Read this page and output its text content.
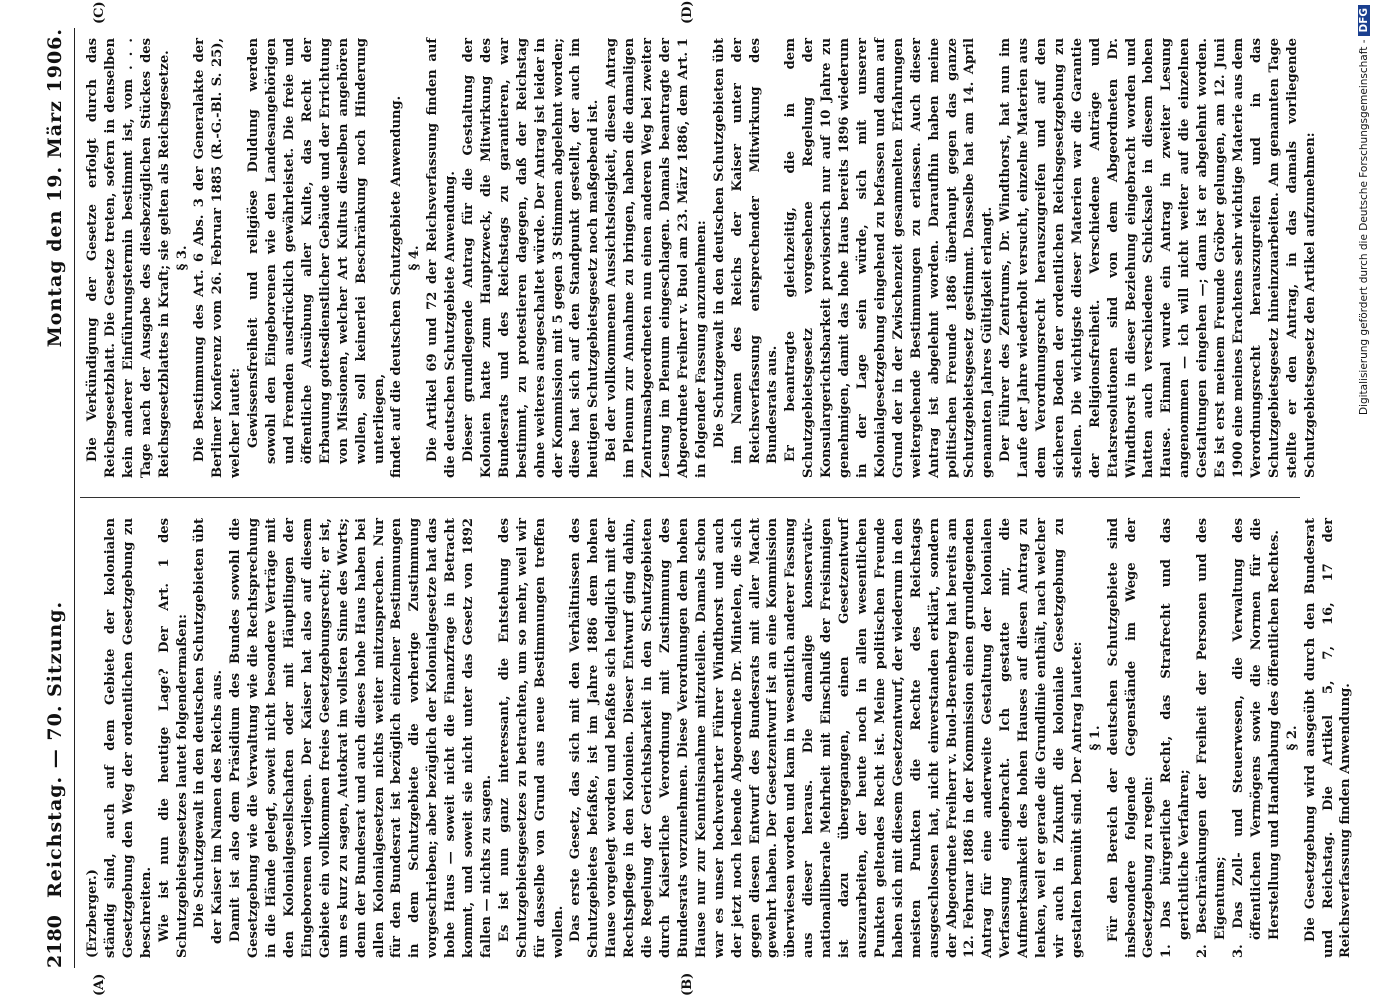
2180
Reichstag. — 70. Sitzung.
Montag den 19. März 1906.

(Erzberger.) ständig sind, auch auf dem Gebiete der kolonialen Gesetzgebung den Weg der ordentlichen Gesetzgebung zu beschreiten. Wie ist nun die heutige Lage? Der Art. 1 des Schutzgebietsgesetzes lautet folgendermaßen: Die Schutzgewalt in den deutschen Schutzgebieten übt der Kaiser im Namen des Reichs aus. Damit ist also dem Präsidium des Bundes sowohl die Gesetzgebung wie die Verwaltung wie die Rechtsprechung in die Hände gelegt, soweit nicht besondere Verträge mit den Kolonialgesellschaften oder mit Häuptlingen der Eingeborenen vorliegen. Der Kaiser hat also auf diesem Gebiete ein vollkommen freies Gesetzgebungsrecht; er ist, um es kurz zu sagen, Autokrat im vollsten Sinne des Worts; denn der Bundesrat und auch dieses hohe Haus haben bei allen Kolonialgesetzen nichts weiter mitzusprechen. Nur für den Bundesrat ist bezüglich einzelner Bestimmungen in dem Schutzgebiete die vorherige Zustimmung vorgeschrieben; aber bezüglich der Kolonialgesetze hat das hohe Haus — soweit nicht die Finanzfrage in Betracht kommt, und soweit sie nicht unter das Gesetz von 1892 fallen — nichts zu sagen. Es ist nun ganz interessant, die Entstehung des Schutzgebietsgesetzes zu betrachten, um so mehr, weil wir für dasselbe von Grund aus neue Bestimmungen treffen wollen. Das erste Gesetz, das sich mit den Verhältnissen des Schutzgebietes befaßte, ist im Jahre 1886 dem hohen Hause vorgelegt worden und befaßte sich lediglich mit der Rechtspflege in den Kolonien. Dieser Entwurf ging dahin, die Regelung der Gerichtsbarkeit in den Schutzgebieten durch Kaiserliche Verordnung mit Zustimmung des Bundesrats vorzunehmen. Diese Verordnungen dem hohen Hause nur zur Kenntnisnahme mitzuteilen. Damals schon war es unser hochverehrter Führer Windthorst und auch der jetzt noch lebende Abgeordnete Dr. Mintelen, die sich gegen diesen Entwurf des Bundesrats mit aller Macht gewehrt haben. Der Gesetzentwurf ist an eine Kommission überwiesen worden und kam in wesentlich anderer Fassung aus dieser heraus. Die damalige konservativ-nationalliberale Mehrheit mit Einschluß der Freisinnigen ist dazu übergegangen, einen Gesetzentwurf auszuarbeiten, der heute noch in allen wesentlichen Punkten geltendes Recht ist. Meine politischen Freunde haben sich mit diesem Gesetzentwurf, der wiederum in den meisten Punkten die Rechte des Reichstags ausgeschlossen hat, nicht einverstanden erklärt, sondern der Abgeordnete Freiherr v. Buol-Berenberg hat bereits am 12. Februar 1886 in der Kommission einen grundlegenden Antrag für eine anderweite Gestaltung der kolonialen Verfassung eingebracht. Ich gestatte mir, die Aufmerksamkeit des hohen Hauses auf diesen Antrag zu lenken, weil er gerade die Grundlinie enthält, nach welcher wir auch in Zukunft die koloniale Gesetzgebung zu gestalten bemüht sind. Der Antrag lautete: § 1. Für den Bereich der deutschen Schutzgebiete sind insbesondere folgende Gegenstände im Wege der Gesetzgebung zu regeln: 1. Das bürgerliche Recht, das Strafrecht und das gerichtliche Verfahren; 2. Beschränkungen der Freiheit der Personen und des Eigentums; 3. Das Zoll- und Steuerwesen, die Verwaltung des öffentlichen Vermögens sowie die Normen für die Herstellung und Handhabung des öffentlichen Rechtes. § 2. Die Gesetzgebung wird ausgeübt durch den Bundesrat und Reichstag. Die Artikel 5, 7, 16, 17 der Reichsverfassung finden Anwendung.

Die Verkündigung der Gesetze erfolgt durch das Reichsgesetzblatt. Die Gesetze treten, sofern in denselben kein anderer Einführungstermin bestimmt ist, vom . . . Tage nach der Ausgabe des diesbezüglichen Stückes des Reichsgesetzblattes in Kraft; sie gelten als Reichsgesetze. § 3. Die Bestimmung des Art. 6 Abs. 3 der Generalakte der Berliner Konferenz vom 26. Februar 1885 (R.-G.-Bl. S. 25), welcher lautet: Gewissensfreiheit und religiöse Duldung werden sowohl den Eingeborenen wie den Landesangehörigen und Fremden ausdrücklich gewährleistet. Die freie und öffentliche Ausübung aller Kulte, das Recht der Erbauung gottesdienstlicher Gebäude und der Errichtung von Missionen, welcher Art Kultus dieselben angehören wollen, soll keinerlei Beschränkung noch Hinderung unterliegen, findet auf die deutschen Schutzgebiete Anwendung. § 4. Die Artikel 69 und 72 der Reichsverfassung finden auf die deutschen Schutzgebiete Anwendung. Dieser grundlegende Antrag für die Gestaltung der Kolonien hatte zum Hauptzweck, die Mitwirkung des Bundesrats und des Reichstags zu garantieren, war bestimmt, zu protestieren dagegen, daß der Reichstag ohne weiteres ausgeschaltet würde. Der Antrag ist leider in der Kommission mit 5 gegen 3 Stimmen abgelehnt worden; diese hat sich auf den Standpunkt gestellt, der auch im heutigen Schutzgebietsgesetz noch maßgebend ist. Bei der vollkommenen Aussichtslosigkeit, diesen Antrag im Plenum zur Annahme zu bringen, haben die damaligen Zentrumsabgeordneten nun einen anderen Weg bei zweiter Lesung im Plenum eingeschlagen. Damals beantragte der Abgeordnete Freiherr v. Buol am 23. März 1886, dem Art. 1 in folgender Fassung anzunehmen: Die Schutzgewalt in den deutschen Schutzgebieten übt im Namen des Reichs der Kaiser unter der Reichsverfassung entsprechender Mitwirkung des Bundesrats aus. Er beantragte gleichzeitig, die in dem Schutzgebietsgesetz vorgesehene Regelung der Konsulargerichtsbarkeit provisorisch nur auf 10 Jahre zu genehmigen, damit das hohe Haus bereits 1896 wiederum in der Lage sein würde, sich mit unserer Kolonialgesetzgebung eingehend zu befassen und dann auf Grund der in der Zwischenzeit gesammelten Erfahrungen weitergehende Bestimmungen zu erlassen. Auch dieser Antrag ist abgelehnt worden. Daraufhin haben meine politischen Freunde 1886 überhaupt gegen das ganze Schutzgebietsgesetz gestimmt. Dasselbe hat am 14. April genannten Jahres Gültigkeit erlangt. Der Führer des Zentrums, Dr. Windthorst, hat nun im Laufe der Jahre wiederholt versucht, einzelne Materien aus dem Verordnungsrecht herauszugreifen und auf den sicheren Boden der ordentlichen Reichsgesetzgebung zu stellen. Die wichtigste dieser Materien war die Garantie der Religionsfreiheit. Verschiedene Anträge und Etatsresolutionen sind von dem Abgeordneten Dr. Windthorst in dieser Beziehung eingebracht worden und hatten auch verschiedene Schicksale in diesem hohen Hause. Einmal wurde ein Antrag in zweiter Lesung angenommen — ich will nicht weiter auf die einzelnen Gestaltungen eingehen —; dann ist er abgelehnt worden. Es ist erst meinem Freunde Gröber gelungen, am 12. Juni 1900 eine meines Erachtens sehr wichtige Materie aus dem Verordnungsrecht herauszugreifen und in das Schutzgebietsgesetz hineinzuarbeiten. Am genannten Tage stellte er den Antrag, in das damals vorliegende Schutzgebietsgesetz den Artikel aufzunehmen:

(A)	(B)
(C)	(D)
Digitalisierung gefördert durch die Deutsche Forschungsgemeinschaft -DFG
